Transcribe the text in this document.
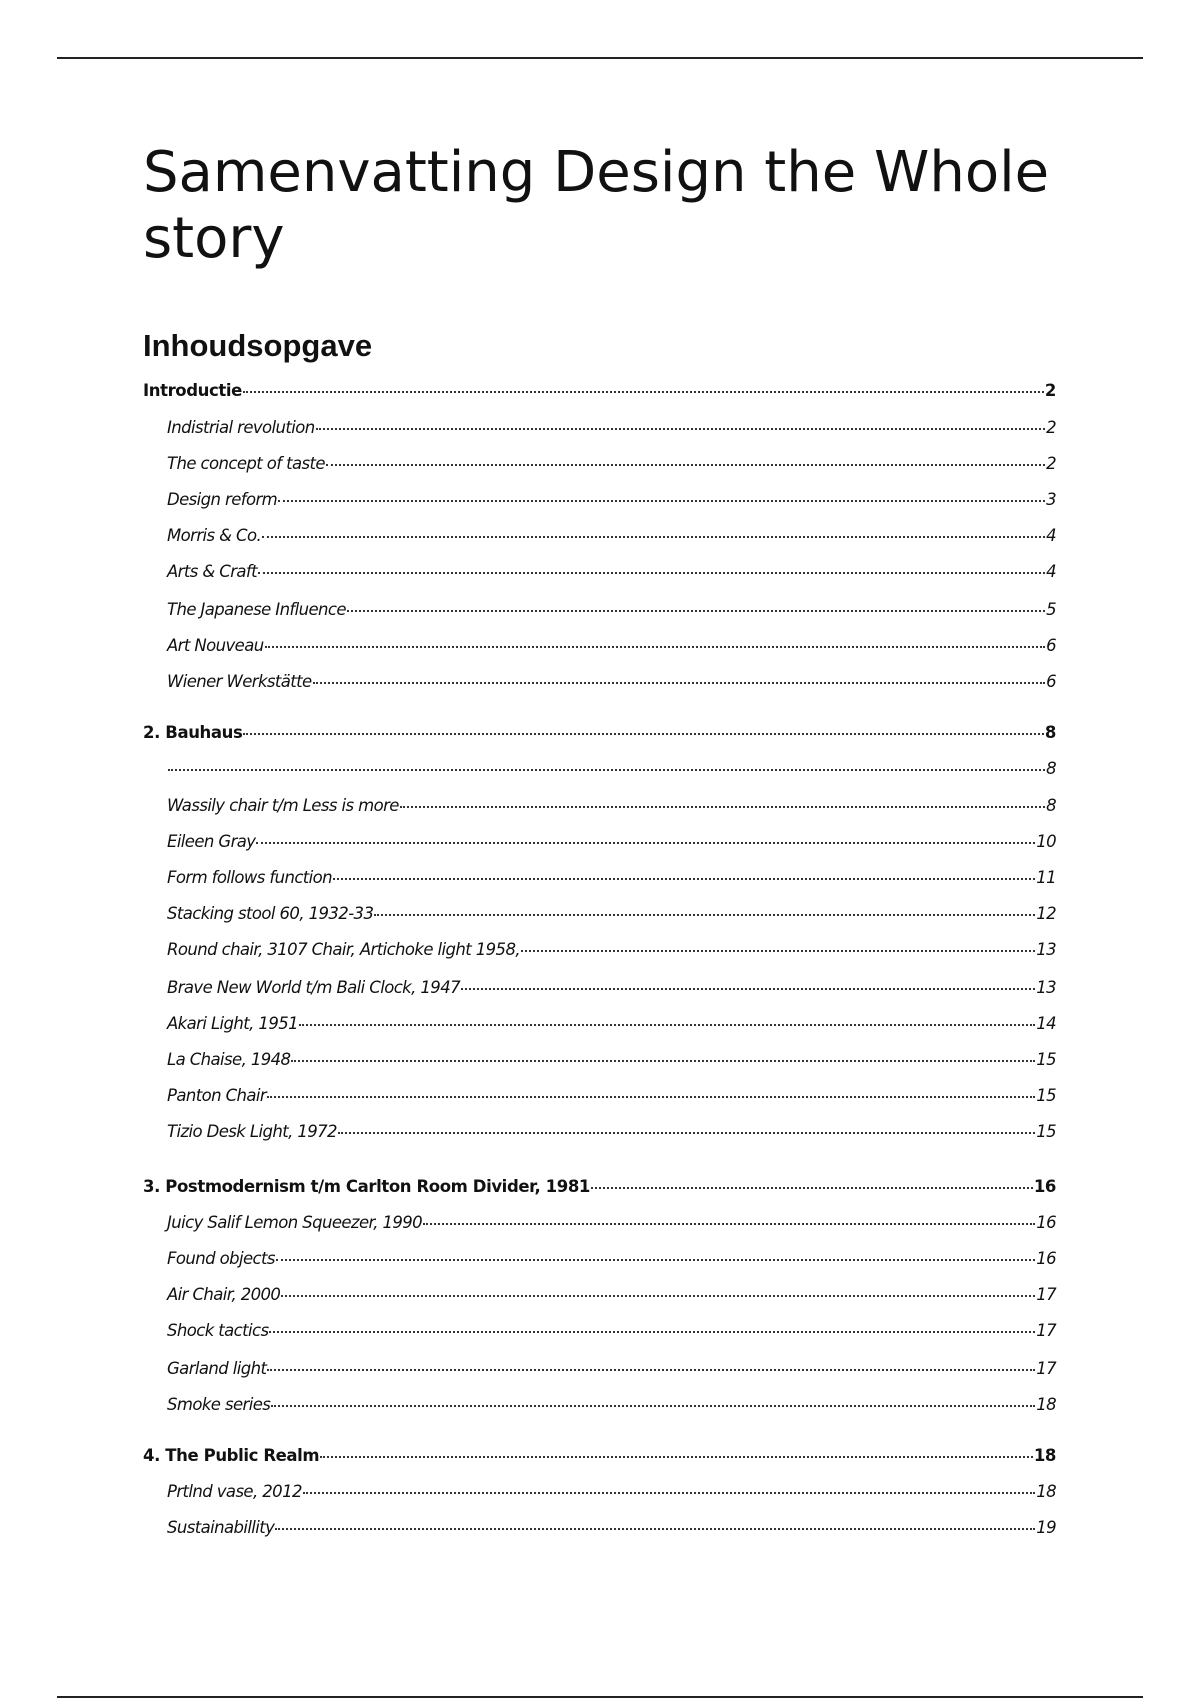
Samenvatting Design the Whole story
Inhoudsopgave
Introductie	2
Indistrial revolution	2
The concept of taste	2
Design reform	3
Morris & Co.	4
Arts & Craft	4
The Japanese Influence	5
Art Nouveau	6
Wiener Werkstätte	6
2. Bauhaus	8
8
Wassily chair t/m Less is more	8
Eileen Gray	10
Form follows function	11
Stacking stool 60, 1932-33	12
Round chair, 3107 Chair, Artichoke light 1958,	13
Brave New World t/m Bali Clock, 1947	13
Akari Light, 1951	14
La Chaise, 1948	15
Panton Chair	15
Tizio Desk Light, 1972	15
3. Postmodernism t/m Carlton Room Divider, 1981	16
Juicy Salif Lemon Squeezer, 1990	16
Found objects	16
Air Chair, 2000	17
Shock tactics	17
Garland light	17
Smoke series	18
4. The Public Realm	18
Prtlnd vase, 2012	18
Sustainabillity	19
